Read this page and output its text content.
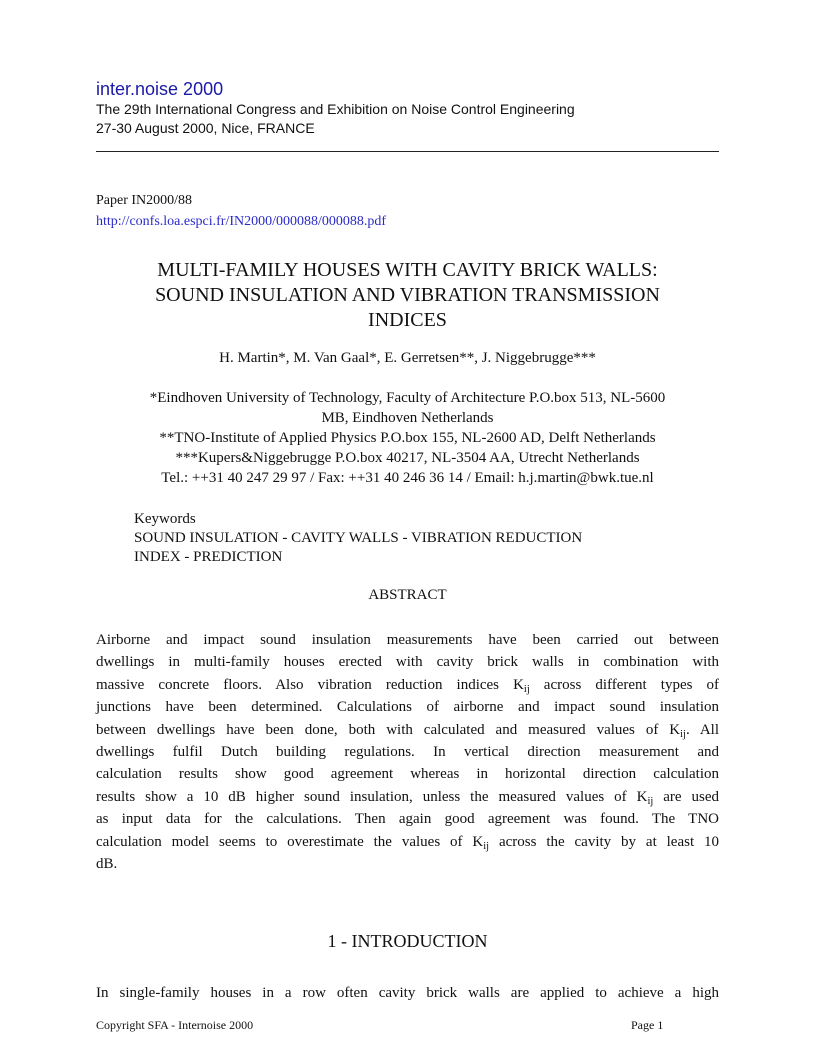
inter.noise 2000
The 29th International Congress and Exhibition on Noise Control Engineering
27-30 August 2000, Nice, FRANCE
Paper IN2000/88
http://confs.loa.espci.fr/IN2000/000088/000088.pdf
MULTI-FAMILY HOUSES WITH CAVITY BRICK WALLS:
SOUND INSULATION AND VIBRATION TRANSMISSION
INDICES
H. Martin*, M. Van Gaal*, E. Gerretsen**, J. Niggebrugge***
*Eindhoven University of Technology, Faculty of Architecture P.O.box 513, NL-5600
MB, Eindhoven Netherlands
**TNO-Institute of Applied Physics P.O.box 155, NL-2600 AD, Delft Netherlands
***Kupers&Niggebrugge P.O.box 40217, NL-3504 AA, Utrecht Netherlands
Tel.: ++31 40 247 29 97 / Fax: ++31 40 246 36 14 / Email: h.j.martin@bwk.tue.nl
Keywords
SOUND INSULATION - CAVITY WALLS - VIBRATION REDUCTION
INDEX - PREDICTION
ABSTRACT
Airborne and impact sound insulation measurements have been carried out between
dwellings in multi-family houses erected with cavity brick walls in combination with
massive concrete floors. Also vibration reduction indices $K_{ij}$ across different types of
junctions have been determined. Calculations of airborne and impact sound insulation
between dwellings have been done, both with calculated and measured values of $K_{ij}$. All
dwellings fulfil Dutch building regulations. In vertical direction measurement and
calculation results show good agreement whereas in horizontal direction calculation
results show a 10 dB higher sound insulation, unless the measured values of $K_{ij}$ are used
as input data for the calculations. Then again good agreement was found. The TNO
calculation model seems to overestimate the values of $K_{ij}$ across the cavity by at least 10
dB.
1 - INTRODUCTION
In single-family houses in a row often cavity brick walls are applied to achieve a high
Copyright SFA - Internoise 2000	Page 1
